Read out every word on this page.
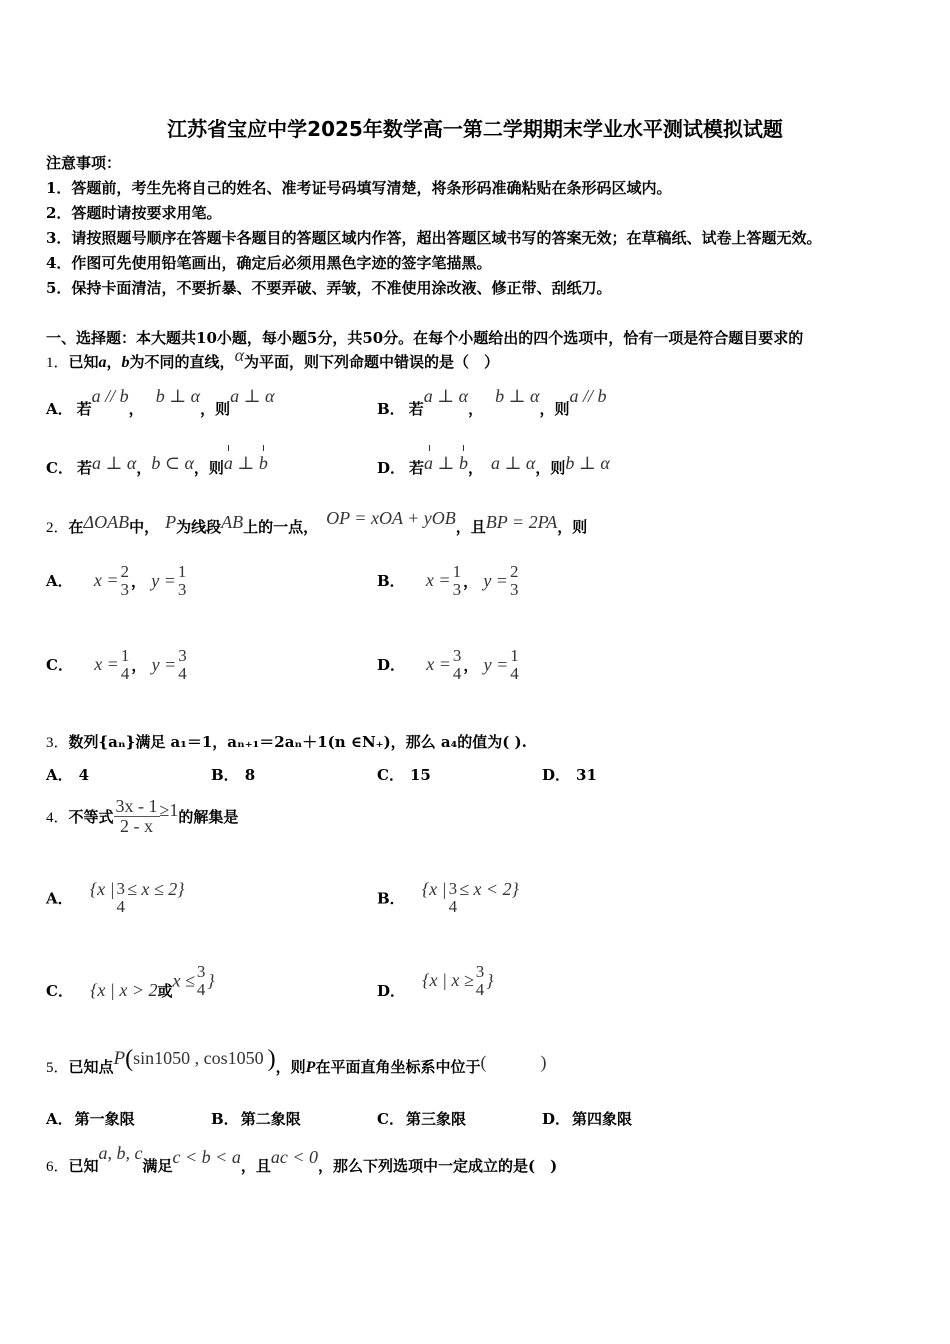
江苏省宝应中学2025年数学高一第二学期期末学业水平测试模拟试题
注意事项：
1．答题前，考生先将自己的姓名、准考证号码填写清楚，将条形码准确粘贴在条形码区域内。
2．答题时请按要求用笔。
3．请按照题号顺序在答题卡各题目的答题区域内作答，超出答题区域书写的答案无效；在草稿纸、试卷上答题无效。
4．作图可先使用铅笔画出，确定后必须用黑色字迹的签字笔描黑。
5．保持卡面清洁，不要折暴、不要弄破、弄皱，不准使用涂改液、修正带、刮纸刀。
一、选择题：本大题共10小题，每小题5分，共50分。在每个小题给出的四个选项中，恰有一项是符合题目要求的
1．已知a，b为不同的直线，α为平面，则下列命题中错误的是（　）
A． 若a // b，b ⊥ α，则a ⊥ α
B． 若a ⊥ α，b ⊥ α，则a // b
C． 若a ⊥ α，b ⊂ α，则a ⊥ b	D． 若a ⊥ b， a ⊥ α，则b ⊥ α
2．在ΔOAB中， P为线段AB上的一点， OP = xOA + yOB，且BP = 2PA，则
A． x = 2
3 ， y = 1
3	B． x = 1
3 ， y = 2
3
C． x = 1
4 ， y = 3
4	D． x = 3
4 ， y = 1
4
3．数列{aₙ}满足 a₁＝1，aₙ₊₁＝2aₙ＋1(n ∈N₊)，那么 a₄的值为( ).
A． 4	B． 8	C． 15	D． 31
4．不等式 $\frac{3x - 1}{2 - x} \ge 1$的解集是
A． {x | 3
4
≤ x ≤ 2}	B． {x | 3
4
≤ x < 2}
C． {x | x > 2或x ≤ 3
4 }
D． {x | x ≥ 3
4 }
5．已知点P(sin1050 , cos1050 )，则P在平面直角坐标系中位于(　　　)
A． 第一象限	B． 第二象限	C． 第三象限	D． 第四象限
6．已知a, b, c满足c < b < a，且ac < 0，那么下列选项中一定成立的是(　)
